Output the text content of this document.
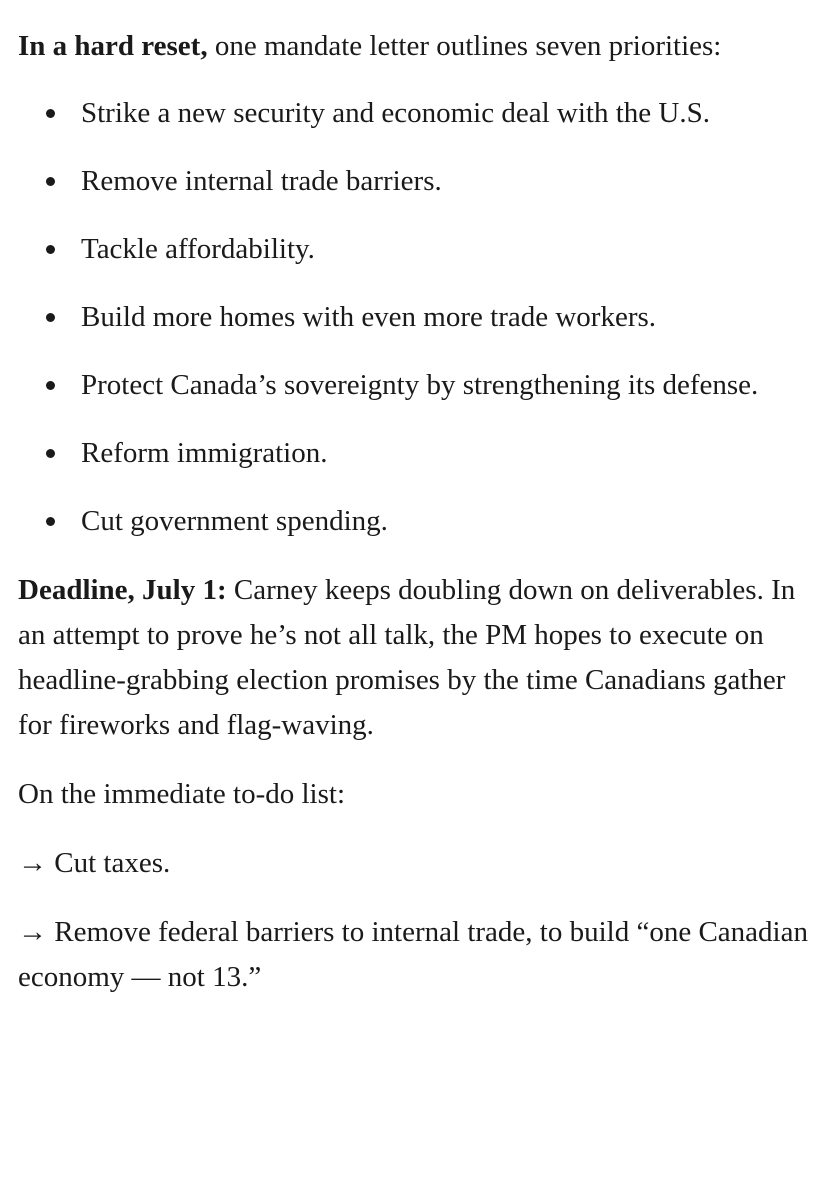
In a hard reset, one mandate letter outlines seven priorities:

Strike a new security and economic deal with the U.S.
Remove internal trade barriers.
Tackle affordability.
Build more homes with even more trade workers.
Protect Canada’s sovereignty by strengthening its defense.
Reform immigration.
Cut government spending.

Deadline, July 1: Carney keeps doubling down on deliverables. In an attempt to prove he’s not all talk, the PM hopes to execute on headline-grabbing election promises by the time Canadians gather for fireworks and flag-waving.

On the immediate to-do list:

→ Cut taxes.

→ Remove federal barriers to internal trade, to build “one Canadian economy — not 13.”
